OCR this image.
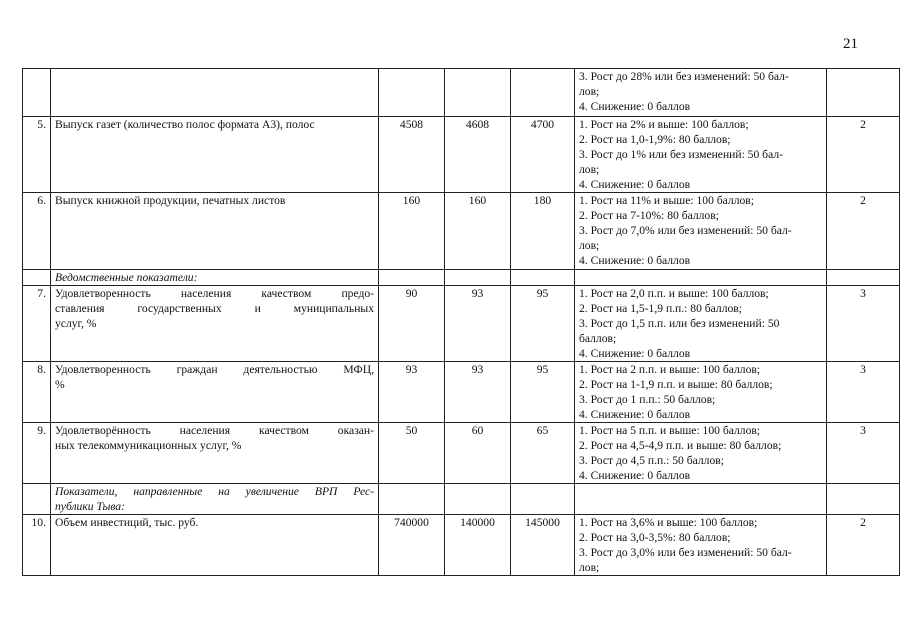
21

					3. Рост до 28% или без изменений: 50 бал-
лов;
4. Снижение: 0 баллов	

5.	Выпуск газет (количество полос формата А3), полос	4508	4608	4700	1. Рост на 2% и выше: 100 баллов;
2. Рост на 1,0-1,9%: 80 баллов;
3. Рост до 1% или без изменений: 50 бал-
лов;
4. Снижение: 0 баллов	2
6.	Выпуск книжной продукции, печатных листов	160	160	180	1. Рост на 11% и выше: 100 баллов;
2. Рост на 7-10%: 80 баллов;
3. Рост до 7,0% или без изменений: 50 бал-
лов;
4. Снижение: 0 баллов	2

	Ведомственные показатели:					

7.	Удовлетворенность населения качеством предо-
ставления государственных и муниципальных
услуг, %	90	93	95	1. Рост на 2,0 п.п. и выше: 100 баллов;
2. Рост на 1,5-1,9 п.п.: 80 баллов;
3. Рост до 1,5 п.п. или без изменений: 50
баллов;
4. Снижение: 0 баллов	3
8.	Удовлетворенность граждан деятельностью МФЦ,
%	93	93	95	1. Рост на 2 п.п. и выше: 100 баллов;
2. Рост на 1-1,9 п.п. и выше: 80 баллов;
3. Рост до 1 п.п.: 50 баллов;
4. Снижение: 0 баллов	3
9.	Удовлетворённость населения качеством оказан-
ных телекоммуникационных услуг, %	50	60	65	1. Рост на 5 п.п. и выше: 100 баллов;
2. Рост на 4,5-4,9 п.п. и выше: 80 баллов;
3. Рост до 4,5 п.п.: 50 баллов;
4. Снижение: 0 баллов	3

	Показатели, направленные на увеличение ВРП Рес-
публики Тыва:					

10.	Объем инвестиций, тыс. руб.	740000	140000	145000	1. Рост на 3,6% и выше: 100 баллов;
2. Рост на 3,0-3,5%: 80 баллов;
3. Рост до 3,0% или без изменений: 50 бал-
лов;	2
